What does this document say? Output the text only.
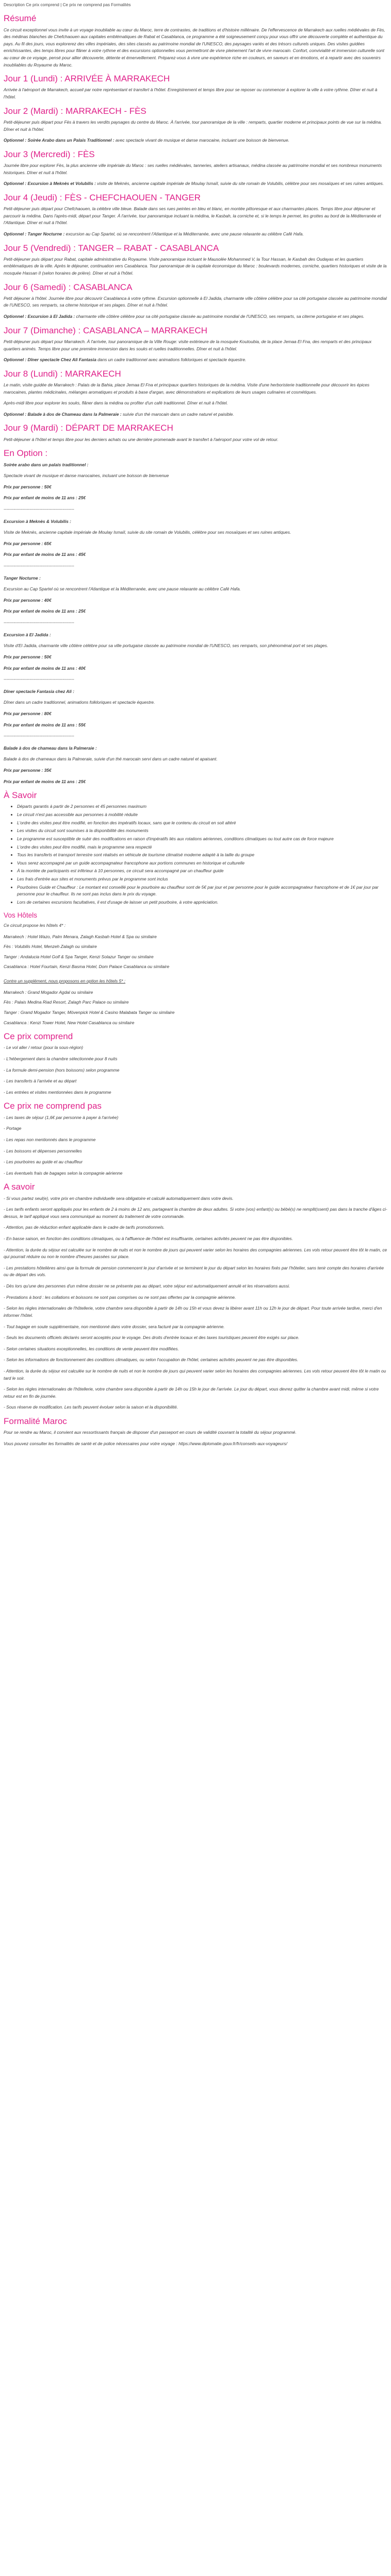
Description Ce prix comprend | Ce prix ne comprend pas Formalités
Résumé

Ce circuit exceptionnel vous invite à un voyage inoubliable au cœur du Maroc, terre de contrastes, de traditions et d'histoire millénaire. De l'effervescence de Marrakech aux ruelles médiévales de Fès, des médinas blanches de Chefchaouen aux capitales emblématiques de Rabat et Casablanca, ce programme a été soigneusement conçu pour vous offrir une découverte complète et authentique du pays. Au fil des jours, vous explorerez des villes impériales, des sites classés au patrimoine mondial de l'UNESCO, des paysages variés et des trésors culturels uniques. Des visites guidées enrichissantes, des temps libres pour flâner à votre rythme et des excursions optionnelles vous permettront de vivre pleinement l'art de vivre marocain. Confort, convivialité et immersion culturelle sont au cœur de ce voyage, pensé pour allier découverte, détente et émerveillement. Préparez-vous à vivre une expérience riche en couleurs, en saveurs et en émotions, et à repartir avec des souvenirs inoubliables du Royaume du Maroc.

Jour 1 (Lundi) : ARRIVÉE À MARRAKECH

Arrivée à l'aéroport de Marrakech, accueil par notre représentant et transfert à l'hôtel. Enregistrement et temps libre pour se reposer ou commencer à explorer la ville à votre rythme. Dîner et nuit à l'hôtel.

Jour 2 (Mardi) : MARRAKECH - FÈS

Petit-déjeuner puis départ pour Fès à travers les verdits paysages du centre du Maroc. À l'arrivée, tour panoramique de la ville : remparts, quartier moderne et principaux points de vue sur la médina. Dîner et nuit à l'hôtel.

Optionnel : Soirée Arabo dans un Palais Traditionnel : avec spectacle vivant de musique et danse marocaine, incluant une boisson de bienvenue.

Jour 3 (Mercredi) : FÈS

Journée libre pour explorer Fès, la plus ancienne ville impériale du Maroc : ses ruelles médiévales, tanneries, ateliers artisanaux, médina classée au patrimoine mondial et ses nombreux monuments historiques. Dîner et nuit à l'hôtel.

Optionnel : Excursion à Meknès et Volubilis : visite de Meknès, ancienne capitale impériale de Moulay Ismaïl, suivie du site romain de Volubilis, célèbre pour ses mosaïques et ses ruines antiques.

Jour 4 (Jeudi) : FÈS - CHEFCHAOUEN - TANGER

Petit-déjeuner puis départ pour Chefchaouen, la célèbre ville bleue. Balade dans ses rues peintes en bleu et blanc, en montée pittoresque et aux charmantes places. Temps libre pour déjeuner et parcourir la médina. Dans l'après-midi, départ pour Tanger. À l'arrivée, tour panoramique incluant la médina, le Kasbah, la corniche et, si le temps le permet, les grottes au bord de la Méditerranée et l'Atlantique. Dîner et nuit à l'hôtel.

Optionnel : Tanger Nocturne : excursion au Cap Spartel, où se rencontrent l'Atlantique et la Méditerranée, avec une pause relaxante au célèbre Café Hafa.

Jour 5 (Vendredi) : TANGER – RABAT - CASABLANCA

Petit-déjeuner puis départ pour Rabat, capitale administrative du Royaume. Visite panoramique incluant le Mausolée Mohammed V, la Tour Hassan, le Kasbah des Oudayas et les quartiers emblématiques de la ville. Après le déjeuner, continuation vers Casablanca. Tour panoramique de la capitale économique du Maroc : boulevards modernes, corniche, quartiers historiques et visite de la mosquée Hassan II (selon horaires de prière). Dîner et nuit à l'hôtel.

Jour 6 (Samedi) : CASABLANCA

Petit déjeuner à l'hôtel. Journée libre pour découvrir Casablanca à votre rythme. Excursion optionnelle à El Jadida, charmante ville côtière célèbre pour sa cité portugaise classée au patrimoine mondial de l'UNESCO, ses remparts, sa citerne historique et ses plages. Dîner et nuit à l'hôtel.

Optionnel : Excursion à El Jadida : charmante ville côtière célèbre pour sa cité portugaise classée au patrimoine mondial de l'UNESCO, ses remparts, sa citerne portugaise et ses plages.

Jour 7 (Dimanche) : CASABLANCA – MARRAKECH

Petit-déjeuner puis départ pour Marrakech. À l'arrivée, tour panoramique de la Ville Rouge: visite extérieure de la mosquée Koutoubia, de la place Jemaa El Fna, des remparts et des principaux quartiers animés. Temps libre pour une première immersion dans les souks et ruelles traditionnelles. Dîner et nuit à l'hôtel.

Optionnel : Dîner spectacle Chez Ali Fantasia dans un cadre traditionnel avec animations folkloriques et spectacle équestre.

Jour 8 (Lundi) : MARRAKECH

Le matin, visite guidée de Marrakech : Palais de la Bahia, place Jemaa El Fna et principaux quartiers historiques de la médina. Visite d'une herboristerie traditionnelle pour découvrir les épices marocaines, plantes médicinales, mélanges aromatiques et produits à base d'argan, avec démonstrations et explications de leurs usages culinaires et cosmétiques.

Après-midi libre pour explorer les souks, flâner dans la médina ou profiter d'un café traditionnel. Dîner et nuit à l'hôtel.

Optionnel : Balade à dos de Chameau dans la Palmeraie : suivie d'un thé marocain dans un cadre naturel et paisible.

Jour 9 (Mardi) : DÉPART DE MARRAKECH

Petit-déjeuner à l'hôtel et temps libre pour les derniers achats ou une dernière promenade avant le transfert à l'aéroport pour votre vol de retour.

En Option :

Soirée arabo dans un palais traditionnel :

Spectacle vivant de musique et danse marocaines, incluant une boisson de bienvenue

Prix par personne : 50€

Prix par enfant de moins de 11 ans : 25€

-------------------------------------------------

Excursion à Meknès & Volubilis :

Visite de Meknès, ancienne capitale impériale de Moulay Ismaïl, suivie du site romain de Volubilis, célèbre pour ses mosaïques et ses ruines antiques.

Prix par personne : 65€

Prix par enfant de moins de 11 ans : 45€

-------------------------------------------------

Tanger Nocturne :

Excursion au Cap Spartel où se rencontrent l'Atlantique et la Méditerranée, avec une pause relaxante au célèbre Café Hafa.

Prix par personne : 40€

Prix par enfant de moins de 11 ans : 25€

-------------------------------------------------

Excursion à El Jadida :

Visite d'El Jadida, charmante ville côtière célèbre pour sa ville portugaise classée au patrimoine mondial de l'UNESCO, ses remparts, son phénoménal port et ses plages.

Prix par personne : 50€

Prix par enfant de moins de 11 ans : 40€

-------------------------------------------------

Dîner spectacle Fantasia chez Ali :

Dîner dans un cadre traditionnel, animations folkloriques et spectacle équestre.

Prix par personne : 80€

Prix par enfant de moins de 11 ans : 55€

-------------------------------------------------

Balade à dos de chameau dans la Palmeraie :

Balade à dos de chameaux dans la Palmeraie, suivie d'un thé marocain servi dans un cadre naturel et apaisant.

Prix par personne : 35€

Prix par enfant de moins de 11 ans : 25€

À Savoir
• Départs garantis à partir de 2 personnes et 45 personnes maximum
• Le circuit n'est pas accessible aux personnes à mobilité réduite
• L'ordre des visites peut être modifié, en fonction des impératifs locaux, sans que le contenu du circuit en soit altéré
• Les visites du circuit sont soumises à la disponibilité des monuments
• Le programme est susceptible de subir des modifications en raison d'impératifs liés aux rotations aériennes, conditions climatiques ou tout autre cas de force majeure
• L'ordre des visites peut être modifié, mais le programme sera respecté
• Tous les transferts et transport terrestre sont réalisés en véhicule de tourisme climatisé moderne adapté à la taille du groupe
• Vous serez accompagné par un guide accompagnateur francophone aux portions communes en historique et culturelle
• À la montée de participants est inférieur à 10 personnes, ce circuit sera accompagné par un chauffeur guide
• Les frais d'entrée aux sites et monuments prévus par le programme sont inclus
• Pourboires Guide et Chauffeur : Le montant est conseillé pour le pourboire au chauffeur sont de 5€ par jour et par personne pour le guide accompagnateur francophone et de 1€ par jour par personne pour le chauffeur. Ils ne sont pas inclus dans le prix du voyage.
• Lors de certaines excursions facultatives, il est d'usage de laisser un petit pourboire, à votre appréciation.
Vos Hôtels

Ce circuit propose les hôtels 4* :

Marrakech : Hotel Wazo, Palm Menara, Zalagh Kasbah Hotel & Spa ou similaire

Fès : Volubilis Hotel, Menzeh Zalagh ou similaire

Tanger : Andalucia Hotel Golf & Spa Tanger, Kenzi Solazur Tanger ou similaire

Casablanca : Hotel Fourtain, Kenzi Basma Hotel, Dom Palace Casablanca ou similaire

Contre un supplément, nous proposons en option les hôtels 5* :

Marrakech : Grand Mogador Agdal ou similaire

Fès : Palais Medina Riad Resort, Zalagh Parc Palace ou similaire

Tanger : Grand Mogador Tanger, Mövenpick Hotel & Casino Malabata Tanger ou similaire

Casablanca : Kenzi Tower Hotel, New Hotel Casablanca ou similaire

Ce prix comprend

- Le vol aller / retour (pour la sous-région)

- L'hébergement dans la chambre sélectionnée pour 8 nuits

- La formule demi-pension (hors boissons) selon programme

- Les transferts à l'arrivée et au départ

- Les entrées et visites mentionnées dans le programme

Ce prix ne comprend pas

- Les taxes de séjour (1,6€ par personne à payer à l'arrivée)

- Portage

- Les repas non mentionnés dans le programme

- Les boissons et dépenses personnelles

- Les pourboires au guide et au chauffeur

- Les éventuels frais de bagages selon la compagnie aérienne

A savoir

- Si vous partez seul(e), votre prix en chambre individuelle sera obligatoire et calculé automatiquement dans votre devis.

- Les tarifs enfants seront appliqués pour les enfants de 2 à moins de 12 ans, partageant la chambre de deux adultes. Si votre (vos) enfant(s) ou bébé(s) ne remplit(ssent) pas dans la tranche d'âges ci-dessus, le tarif appliqué vous sera communiqué au moment du traitement de votre commande.

- Attention, pas de réduction enfant applicable dans le cadre de tarifs promotionnels.

- En basse saison, en fonction des conditions climatiques, ou à l'affluence de l'hôtel est insuffisante, certaines activités peuvent ne pas être disponibles.

- Attention, la durée du séjour est calculée sur le nombre de nuits et non le nombre de jours qui peuvent varier selon les horaires des compagnies aériennes. Les vols retour peuvent être tôt le matin, ce qui pourrait réduire ou non le nombre d'heures passées sur place.

- Les prestations hôtelières ainsi que la formule de pension commencent le jour d'arrivée et se terminent le jour du départ selon les horaires fixés par l'hôtelier, sans tenir compte des horaires d'arrivée ou de départ des vols.

- Dès lors qu'une des personnes d'un même dossier ne se présente pas au départ, votre séjour est automatiquement annulé et les réservations aussi.

- Prestations à bord : les collations et boissons ne sont pas comprises ou ne sont pas offertes par la compagnie aérienne.

- Selon les règles internationales de l'hôtellerie, votre chambre sera disponible à partir de 14h ou 15h et vous devez la libérer avant 11h ou 12h le jour de départ. Pour toute arrivée tardive, merci d'en informer l'hôtel.

- Tout bagage en soute supplémentaire, non mentionné dans votre dossier, sera facturé par la compagnie aérienne.

- Seuls les documents officiels déclarés seront acceptés pour le voyage. Des droits d'entrée locaux et des taxes touristiques peuvent être exigés sur place.

- Selon certaines situations exceptionnelles, les conditions de vente peuvent être modifiées.

- Selon les informations de fonctionnement des conditions climatiques, ou selon l'occupation de l'hôtel, certaines activités peuvent ne pas être disponibles.

- Attention, la durée du séjour est calculée sur le nombre de nuits et non le nombre de jours qui peuvent varier selon les horaires des compagnies aériennes. Les vols retour peuvent être tôt le matin ou tard le soir.

- Selon les règles internationales de l'hôtellerie, votre chambre sera disponible à partir de 14h ou 15h le jour de l'arrivée. Le jour du départ, vous devrez quitter la chambre avant midi, même si votre retour est en fin de journée.

- Sous réserve de modification. Les tarifs peuvent évoluer selon la saison et la disponibilité.

Formalité Maroc

Pour se rendre au Maroc, il convient aux ressortissants français de disposer d'un passeport en cours de validité couvrant la totalité du séjour programmé.

Vous pouvez consulter les formalités de santé et de police nécessaires pour votre voyage : https://www.diplomatie.gouv.fr/fr/conseils-aux-voyageurs/
